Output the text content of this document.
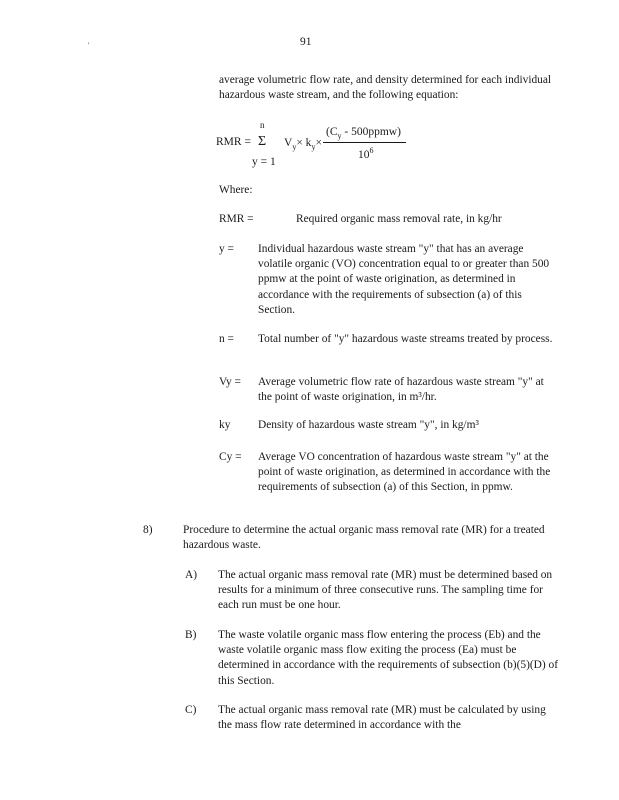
'	91
average volumetric flow rate, and density determined for each individual hazardous waste stream, and the following equation:
RMR =
n
Σ
y = 1
$V_y\times k_y\times$
($C_y$ - 500ppmw)
$10^6$
Where:
RMR =	Required organic mass removal rate, in kg/hr
y =	Individual hazardous waste stream "y" that has an average volatile organic (VO) concentration equal to or greater than 500 ppmw at the point of waste origination, as determined in accordance with the requirements of subsection (a) of this Section.
n =	Total number of "y" hazardous waste streams treated by process.
Vy =	Average volumetric flow rate of hazardous waste stream "y" at the point of waste origination, in m³/hr.
ky	Density of hazardous waste stream "y", in kg/m³
Cy =	Average VO concentration of hazardous waste stream "y" at the point of waste origination, as determined in accordance with the requirements of subsection (a) of this Section, in ppmw.
8)	Procedure to determine the actual organic mass removal rate (MR) for a treated hazardous waste.
A)	The actual organic mass removal rate (MR) must be determined based on results for a minimum of three consecutive runs. The sampling time for each run must be one hour.
B)	The waste volatile organic mass flow entering the process (Eb) and the waste volatile organic mass flow exiting the process (Ea) must be determined in accordance with the requirements of subsection (b)(5)(D) of this Section.
C)	The actual organic mass removal rate (MR) must be calculated by using the mass flow rate determined in accordance with the
